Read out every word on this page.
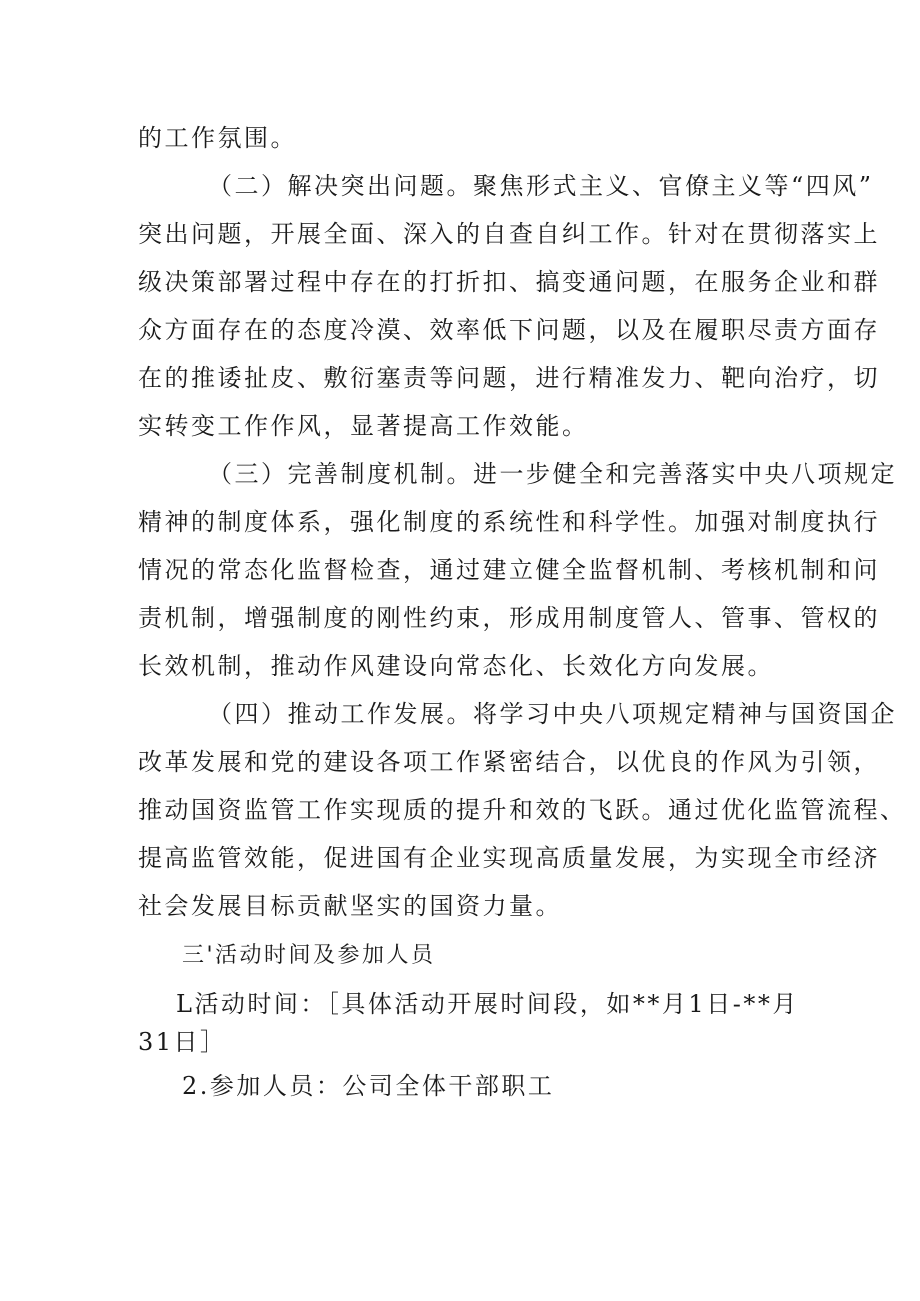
的工作氛围。

（二）解决突出问题。聚焦形式主义、官僚主义等“四风”

突出问题，开展全面、深入的自查自纠工作。针对在贯彻落实上

级决策部署过程中存在的打折扣、搞变通问题，在服务企业和群

众方面存在的态度冷漠、效率低下问题，以及在履职尽责方面存

在的推诿扯皮、敷衍塞责等问题，进行精准发力、靶向治疗，切

实转变工作作风，显著提高工作效能。

（三）完善制度机制。进一步健全和完善落实中央八项规定

精神的制度体系，强化制度的系统性和科学性。加强对制度执行

情况的常态化监督检查，通过建立健全监督机制、考核机制和问

责机制，增强制度的刚性约束，形成用制度管人、管事、管权的

长效机制，推动作风建设向常态化、长效化方向发展。

（四）推动工作发展。将学习中央八项规定精神与国资国企

改革发展和党的建设各项工作紧密结合，以优良的作风为引领，

推动国资监管工作实现质的提升和效的飞跃。通过优化监管流程、

提高监管效能，促进国有企业实现高质量发展，为实现全市经济

社会发展目标贡献坚实的国资力量。

三'活动时间及参加人员

L活动时间：［具体活动开展时间段，如**月1日-**月

31日］

2.参加人员：公司全体干部职工
